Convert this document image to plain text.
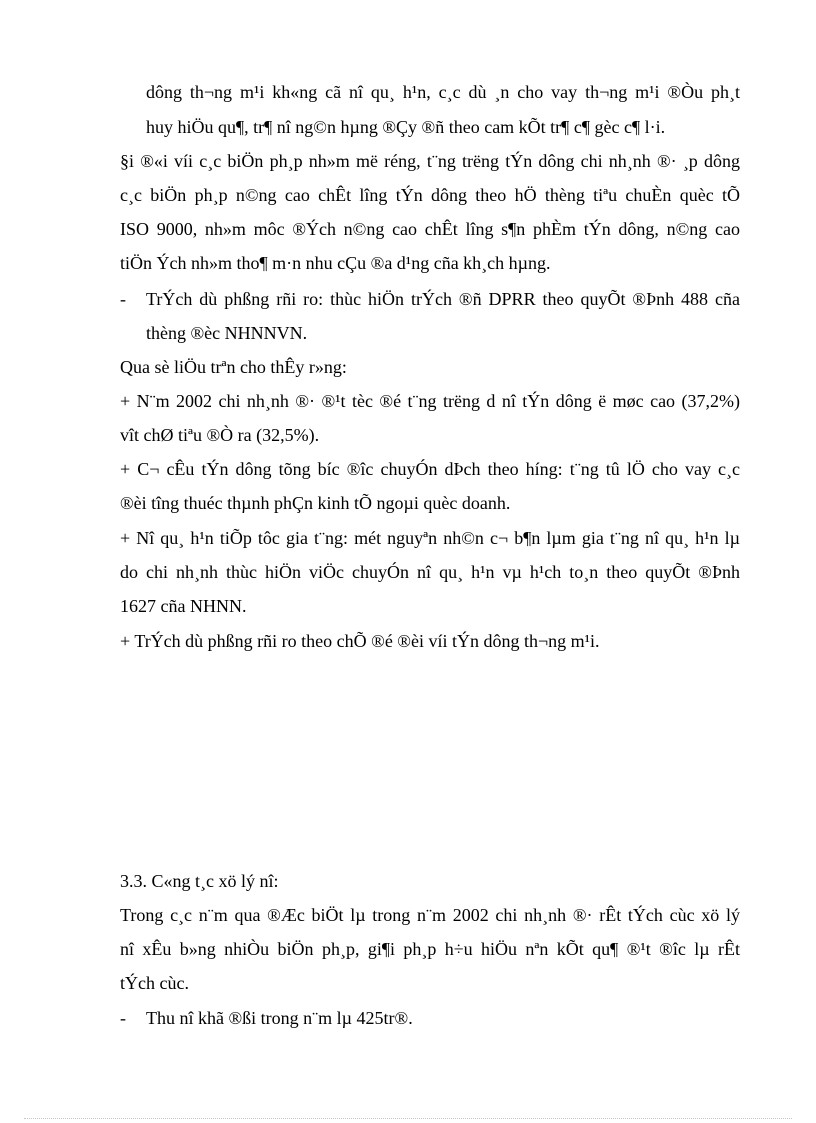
dông th¬ng m¹i kh«ng cã nî qu¸ h¹n, c¸c dù ¸n cho vay th¬ng m¹i ®Òu ph¸t
huy hiÖu qu¶, tr¶ nî ng©n hµng ®Çy ®ñ theo cam kÕt tr¶ c¶ gèc c¶ l·i.
§i ®«i víi c¸c biÖn ph¸p nh»m më réng, t¨ng trëng tÝn dông chi nh¸nh ®· ¸p dông
c¸c biÖn ph¸p n©ng cao chÊt lîng tÝn dông theo hÖ thèng tiªu chuÈn quèc tÕ
ISO 9000, nh»m môc ®Ých n©ng cao chÊt lîng s¶n phÈm tÝn dông, n©ng cao
tiÖn Ých nh»m tho¶ m·n nhu cÇu ®a d¹ng cña kh¸ch hµng.
- TrÝch dù phßng rñi ro: thùc hiÖn trÝch ®ñ DPRR theo quyÕt ®Þnh 488 cña
thèng ®èc NHNNVN.
Qua sè liÖu trªn cho thÊy r»ng:
+ N¨m 2002 chi nh¸nh ®· ®¹t tèc ®é t¨ng trëng d nî tÝn dông ë møc cao (37,2%)
vît chØ tiªu ®Ò ra (32,5%).
+ C¬ cÊu tÝn dông tõng bíc ®îc chuyÓn dÞch theo híng: t¨ng tû lÖ cho vay c¸c
®èi tîng thuéc thµnh phÇn kinh tÕ ngoµi quèc doanh.
+ Nî qu¸ h¹n tiÕp tôc gia t¨ng: mét nguyªn nh©n c¬ b¶n lµm gia t¨ng nî qu¸ h¹n lµ
do chi nh¸nh thùc hiÖn viÖc chuyÓn nî qu¸ h¹n vµ h¹ch to¸n theo quyÕt ®Þnh
1627 cña NHNN.
+ TrÝch dù phßng rñi ro theo chÕ ®é ®èi víi tÝn dông th¬ng m¹i.
3.3. C«ng t¸c xö lý nî:
Trong c¸c n¨m qua ®Æc biÖt lµ trong n¨m 2002 chi nh¸nh ®· rÊt tÝch cùc xö lý
nî xÊu b»ng nhiÒu biÖn ph¸p, gi¶i ph¸p h÷u hiÖu nªn kÕt qu¶ ®¹t ®îc lµ rÊt
tÝch cùc.
- Thu nî khã ®ßi trong n¨m lµ 425tr®.
